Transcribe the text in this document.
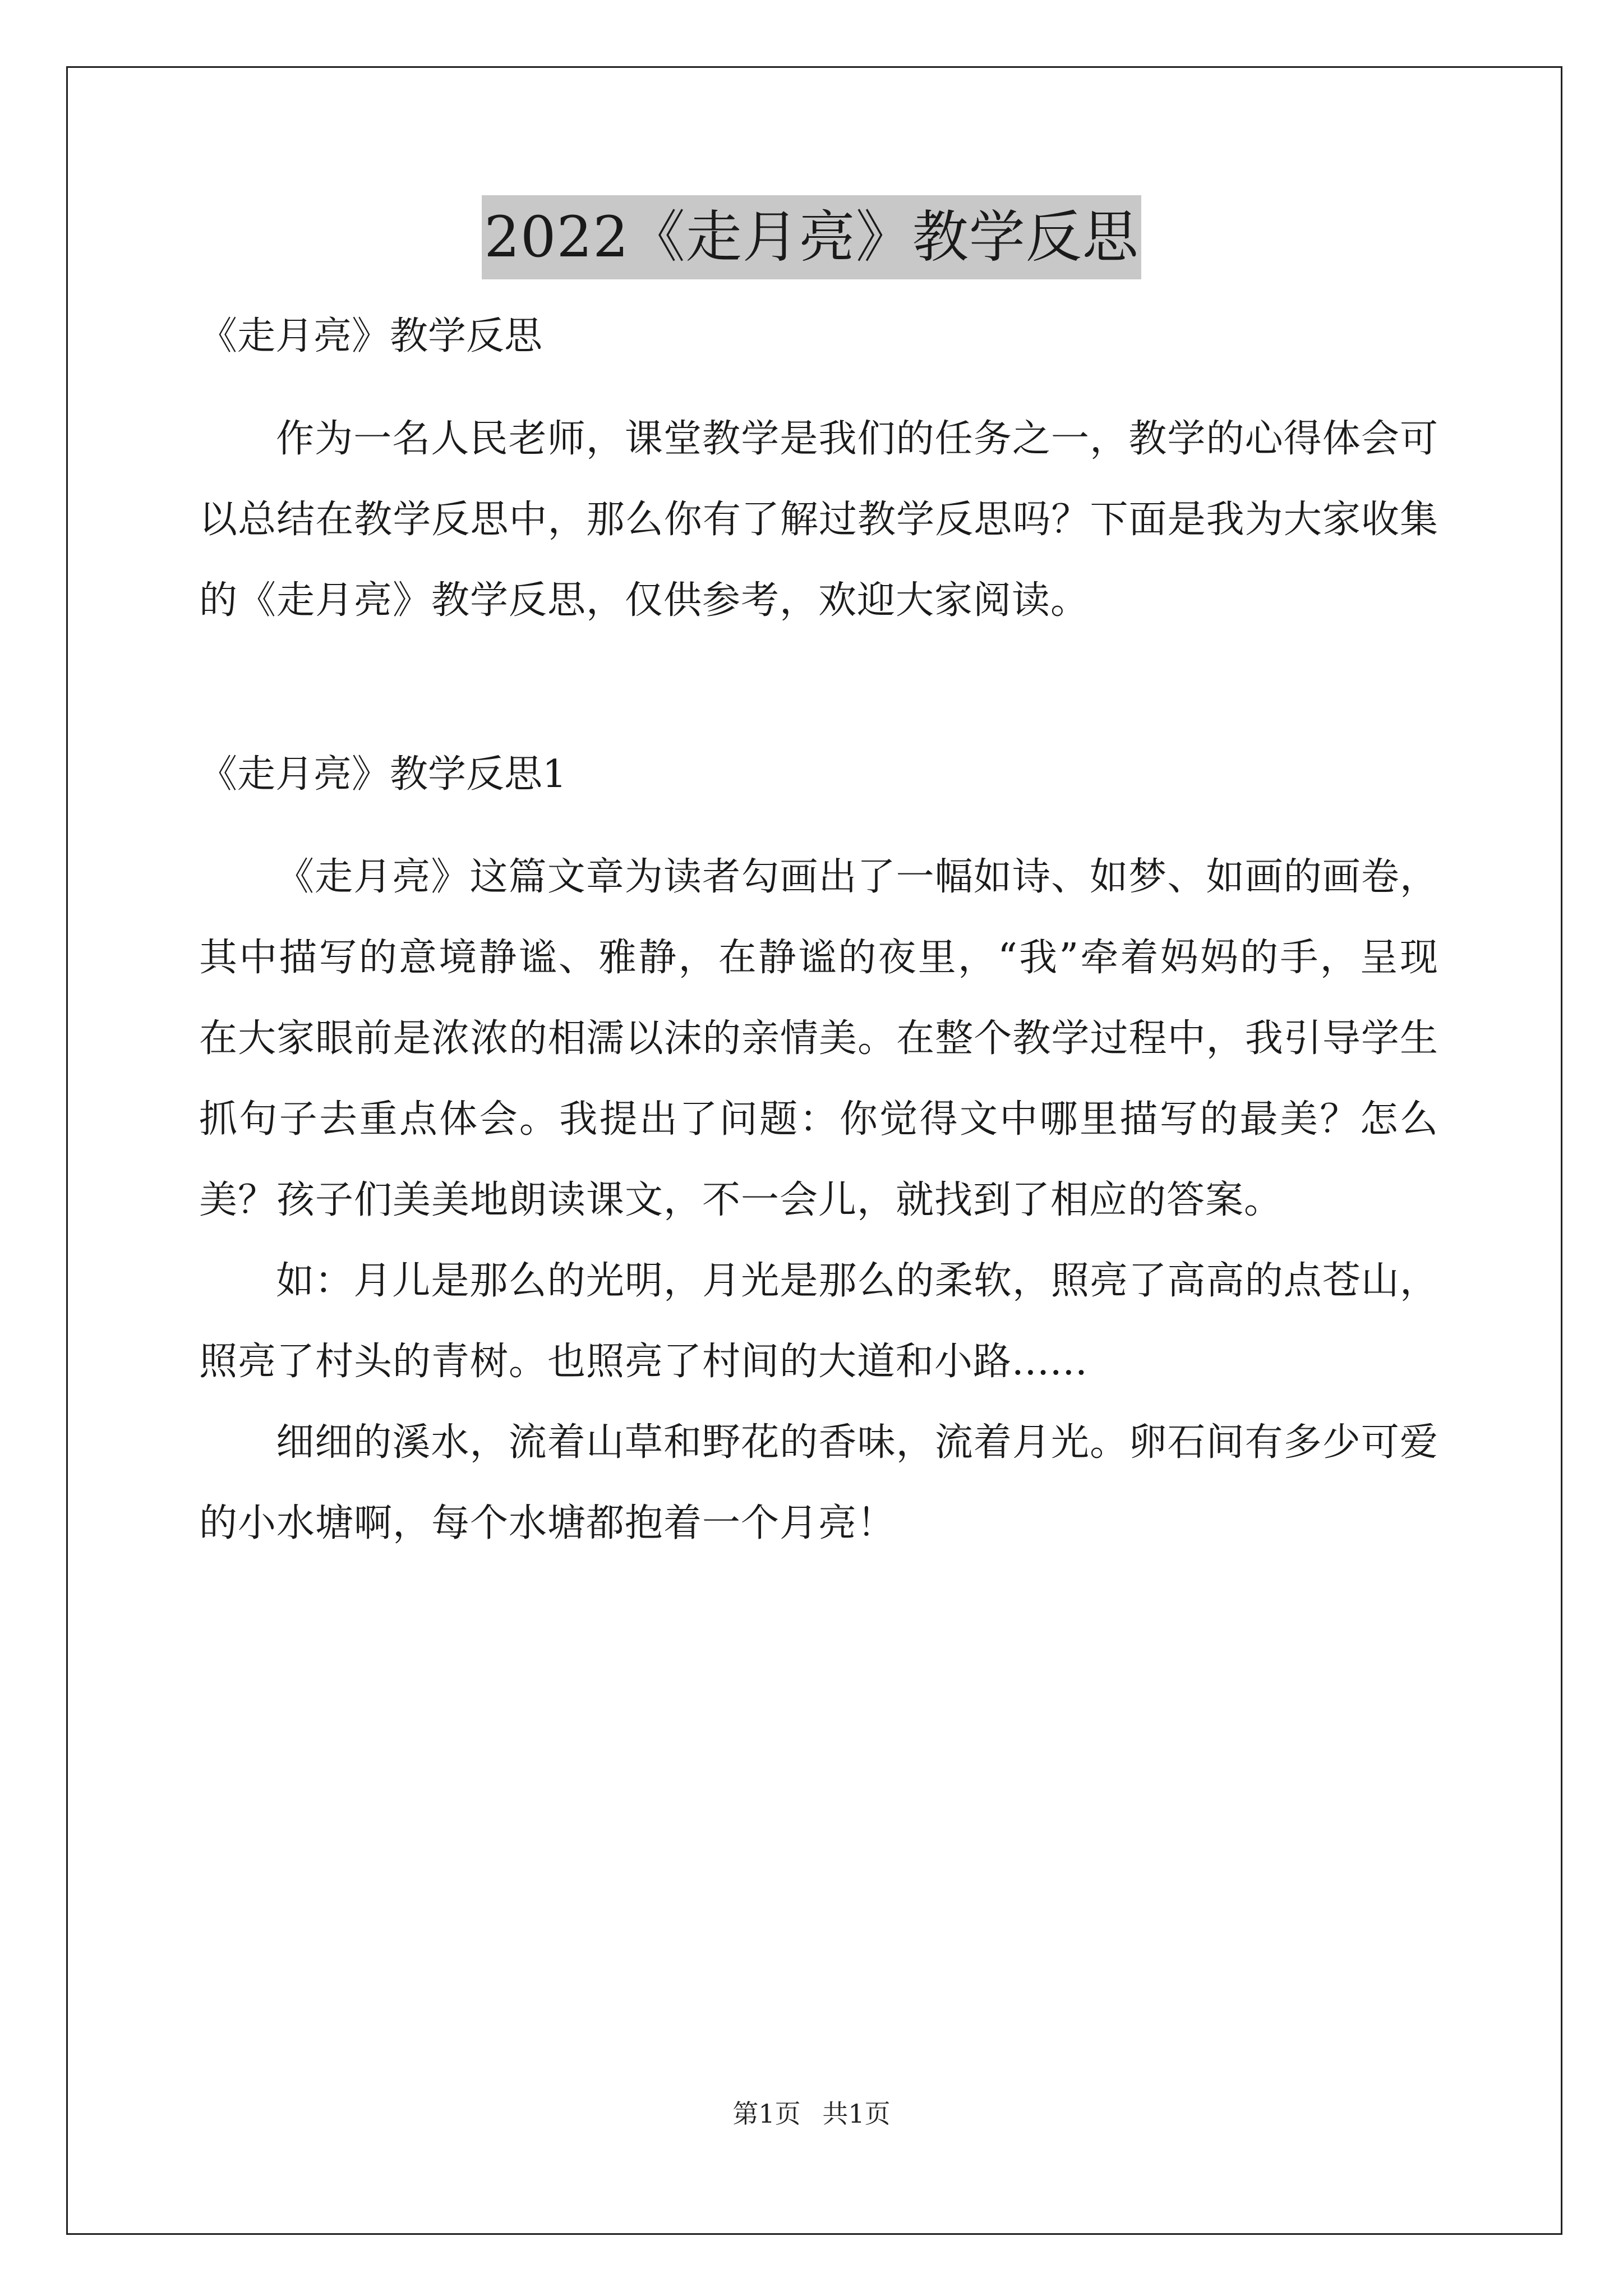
2022《走月亮》教学反思
《走月亮》教学反思

作为一名人民老师，课堂教学是我们的任务之一，教学的心得体会可以总结在教学反思中，那么你有了解过教学反思吗？下面是我为大家收集的《走月亮》教学反思，仅供参考，欢迎大家阅读。

《走月亮》教学反思1

《走月亮》这篇文章为读者勾画出了一幅如诗、如梦、如画的画卷，其中描写的意境静谧、雅静，在静谧的夜里，“我”牵着妈妈的手，呈现在大家眼前是浓浓的相濡以沫的亲情美。在整个教学过程中，我引导学生抓句子去重点体会。我提出了问题：你觉得文中哪里描写的最美？怎么美？孩子们美美地朗读课文，不一会儿，就找到了相应的答案。

如：月儿是那么的光明，月光是那么的柔软，照亮了高高的点苍山，照亮了村头的青树。也照亮了村间的大道和小路......

细细的溪水，流着山草和野花的香味，流着月光。卵石间有多少可爱的小水塘啊，每个水塘都抱着一个月亮！

第1页 共1页
